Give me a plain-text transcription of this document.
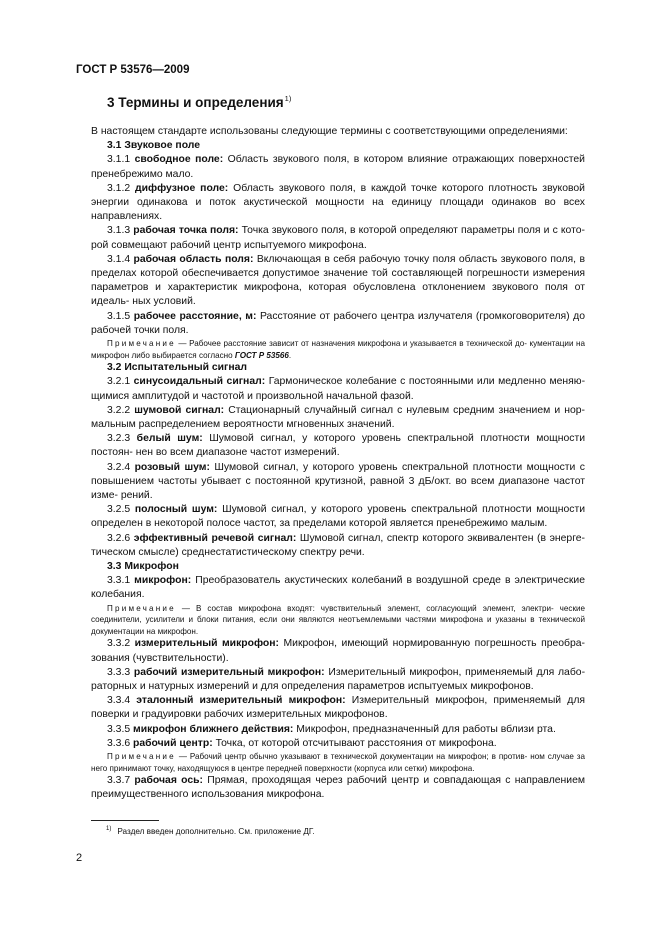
ГОСТ Р 53576—2009
3 Термины и определения$^{1)}$

В настоящем стандарте использованы следующие термины с соответствующими определениями:

3.1 Звуковое поле

3.1.1 свободное поле: Область звукового поля, в котором влияние отражающих поверхностей пренебрежимо мало.

3.1.2 диффузное поле: Область звукового поля, в каждой точке которого плотность звуковой энергии одинакова и поток акустической мощности на единицу площади одинаков во всех направлениях.

3.1.3 рабочая точка поля: Точка звукового поля, в которой определяют параметры поля и с кото- рой совмещают рабочий центр испытуемого микрофона.

3.1.4 рабочая область поля: Включающая в себя рабочую точку поля область звукового поля, в пределах которой обеспечивается допустимое значение той составляющей погрешности измерения параметров и характеристик микрофона, которая обусловлена отклонением звукового поля от идеаль- ных условий.

3.1.5 рабочее расстояние, м: Расстояние от рабочего центра излучателя (громкоговорителя) до рабочей точки поля.

Примечание — Рабочее расстояние зависит от назначения микрофона и указывается в технической до- кументации на микрофон либо выбирается согласно ГОСТ Р 53566.

3.2 Испытательный сигнал

3.2.1 синусоидальный сигнал: Гармоническое колебание с постоянными или медленно меняю- щимися амплитудой и частотой и произвольной начальной фазой.

3.2.2 шумовой сигнал: Стационарный случайный сигнал с нулевым средним значением и нор- мальным распределением вероятности мгновенных значений.

3.2.3 белый шум: Шумовой сигнал, у которого уровень спектральной плотности мощности постоян- нен во всем диапазоне частот измерений.

3.2.4 розовый шум: Шумовой сигнал, у которого уровень спектральной плотности мощности с повышением частоты убывает с постоянной крутизной, равной 3 дБ/окт. во всем диапазоне частот изме- рений.

3.2.5 полосный шум: Шумовой сигнал, у которого уровень спектральной плотности мощности определен в некоторой полосе частот, за пределами которой является пренебрежимо малым.

3.2.6 эффективный речевой сигнал: Шумовой сигнал, спектр которого эквивалентен (в энерге- тическом смысле) среднестатистическому спектру речи.

3.3 Микрофон

3.3.1 микрофон: Преобразователь акустических колебаний в воздушной среде в электрические колебания.

Примечание — В состав микрофона входят: чувствительный элемент, согласующий элемент, электри- ческие соединители, усилители и блоки питания, если они являются неотъемлемыми частями микрофона и указаны в технической документации на микрофон.

3.3.2 измерительный микрофон: Микрофон, имеющий нормированную погрешность преобра- зования (чувствительности).

3.3.3 рабочий измерительный микрофон: Измерительный микрофон, применяемый для лабо- раторных и натурных измерений и для определения параметров испытуемых микрофонов.

3.3.4 эталонный измерительный микрофон: Измерительный микрофон, применяемый для поверки и градуировки рабочих измерительных микрофонов.

3.3.5 микрофон ближнего действия: Микрофон, предназначенный для работы вблизи рта.

3.3.6 рабочий центр: Точка, от которой отсчитывают расстояния от микрофона.

Примечание — Рабочий центр обычно указывают в технической документации на микрофон; в против- ном случае за него принимают точку, находящуюся в центре передней поверхности (корпуса или сетки) микрофона.

3.3.7 рабочая ось: Прямая, проходящая через рабочий центр и совпадающая с направлением преимущественного использования микрофона.

$^{1)}$ Раздел введен дополнительно. См. приложение ДГ.
2
